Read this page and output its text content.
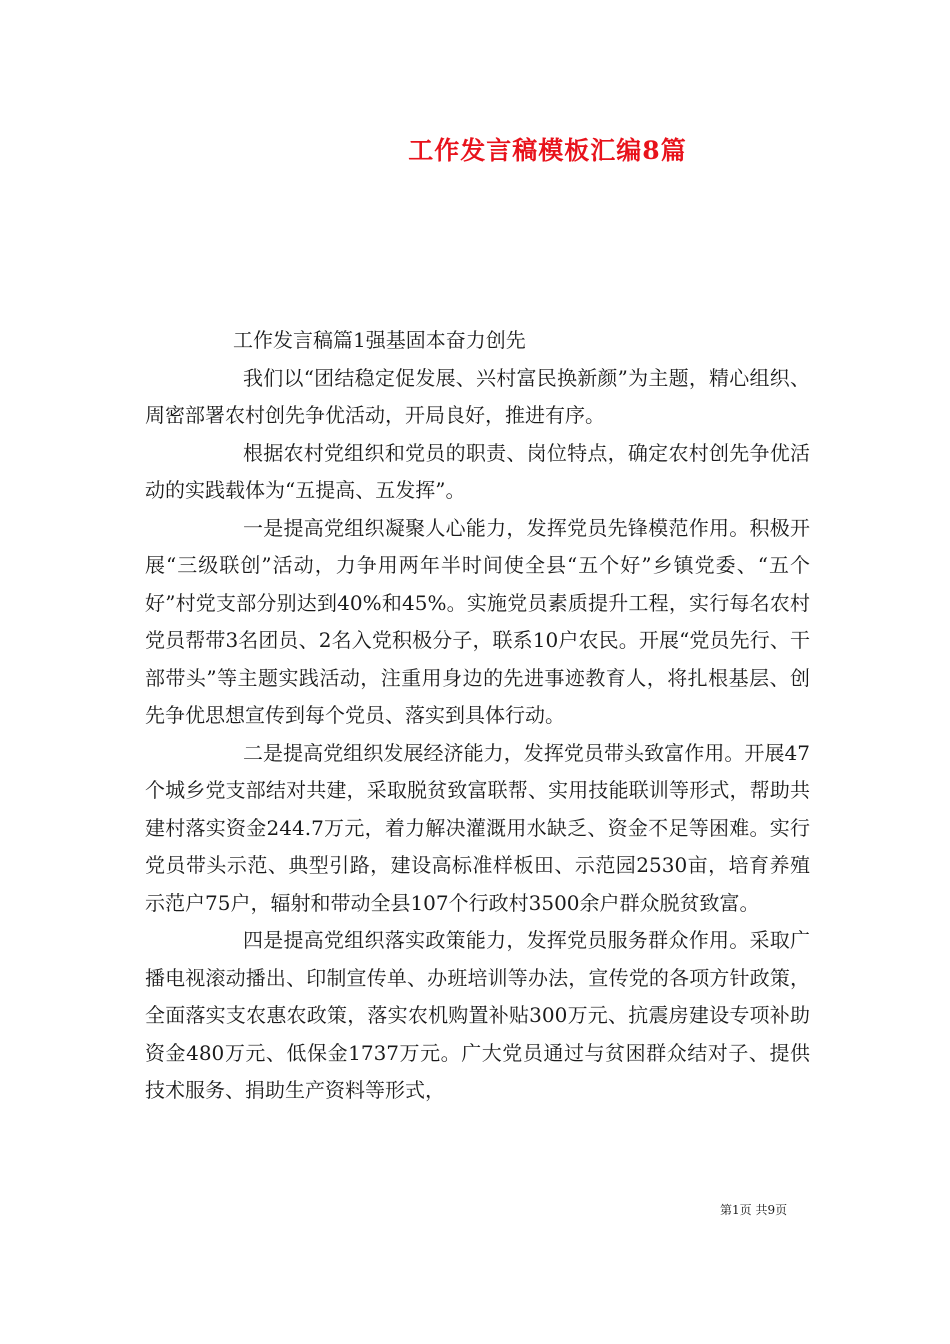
工作发言稿模板汇编8篇

工作发言稿篇1强基固本奋力创先

我们以“团结稳定促发展、兴村富民换新颜”为主题，精心组织、周密部署农村创先争优活动，开局良好，推进有序。

根据农村党组织和党员的职责、岗位特点，确定农村创先争优活动的实践载体为“五提高、五发挥”。

一是提高党组织凝聚人心能力，发挥党员先锋模范作用。积极开展“三级联创”活动，力争用两年半时间使全县“五个好”乡镇党委、“五个好”村党支部分别达到40%和45%。实施党员素质提升工程，实行每名农村党员帮带3名团员、2名入党积极分子，联系10户农民。开展“党员先行、干部带头”等主题实践活动，注重用身边的先进事迹教育人，将扎根基层、创先争优思想宣传到每个党员、落实到具体行动。

二是提高党组织发展经济能力，发挥党员带头致富作用。开展47个城乡党支部结对共建，采取脱贫致富联帮、实用技能联训等形式，帮助共建村落实资金244.7万元，着力解决灌溉用水缺乏、资金不足等困难。实行党员带头示范、典型引路，建设高标准样板田、示范园2530亩，培育养殖示范户75户，辐射和带动全县107个行政村3500余户群众脱贫致富。

四是提高党组织落实政策能力，发挥党员服务群众作用。采取广播电视滚动播出、印制宣传单、办班培训等办法，宣传党的各项方针政策，全面落实支农惠农政策，落实农机购置补贴300万元、抗震房建设专项补助资金480万元、低保金1737万元。广大党员通过与贫困群众结对子、提供技术服务、捐助生产资料等形式，

第1页 共9页
